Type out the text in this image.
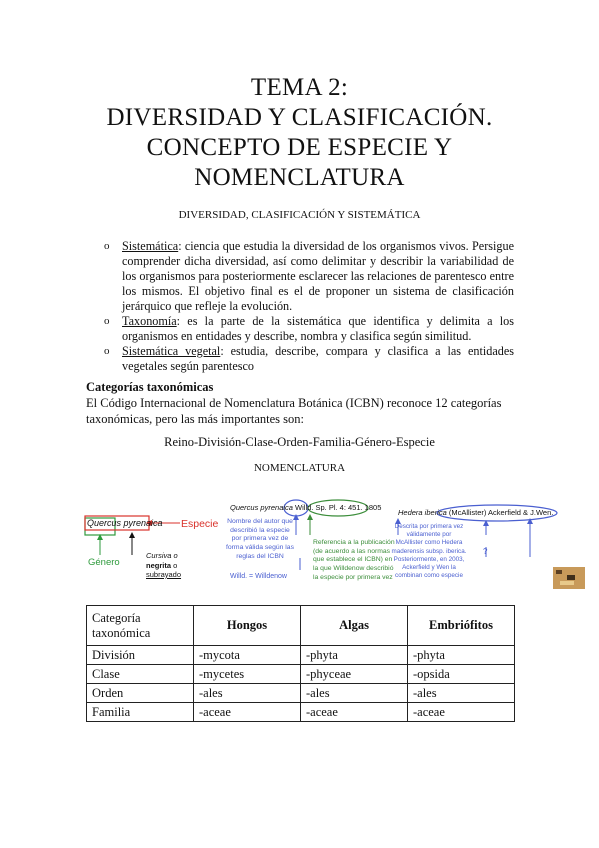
TEMA 2:
DIVERSIDAD Y CLASIFICACIÓN.
CONCEPTO DE ESPECIE Y
NOMENCLATURA
DIVERSIDAD, CLASIFICACIÓN Y SISTEMÁTICA
o Sistemática: ciencia que estudia la diversidad de los organismos vivos. Persigue comprender dicha diversidad, así como delimitar y describir la variabilidad de los organismos para posteriormente esclarecer las relaciones de parentesco entre los mismos. El objetivo final es el de proponer un sistema de clasificación jerárquico que refleje la evolución.
o Taxonomía: es la parte de la sistemática que identifica y delimita a los organismos en entidades y describe, nombra y clasifica según similitud.
o Sistemática vegetal: estudia, describe, compara y clasifica a las entidades vegetales según parentesco
Categorías taxonómicas
El Código Internacional de Nomenclatura Botánica (ICBN) reconoce 12 categorías taxonómicas, pero las más importantes son:
Reino-División-Clase-Orden-Familia-Género-Especie
NOMENCLATURA
Quercus pyrenaica Especie
Género
Cursiva o
negrita o
subrayado
Quercus pyrenaica Willd. Sp. Pl. 4: 451. 1805
Nombre del autor que
describió la especie
por primera vez de
forma válida según las
reglas del ICBN
Willd. = Willdenow
Referencia a la publicación
(de acuerdo a las normas
que establece el ICBN) en
la que Willdenow describió
la especie por primera vez
Hedera iberica (McAllister) Ackerfield & J.Wen.
Descrita por primera vez
válidamente por
McAllister como Hedera
maderensis subsp. iberica.
Posteriormente, en 2003,
Ackerfield y Wen la
combinan como especie
?
Categoría taxonómica	Hongos	Algas	Embriófitos
División	-mycota	-phyta	-phyta
Clase	-mycetes	-phyceae	-opsida
Orden	-ales	-ales	-ales
Familia	-aceae	-aceae	-aceae
